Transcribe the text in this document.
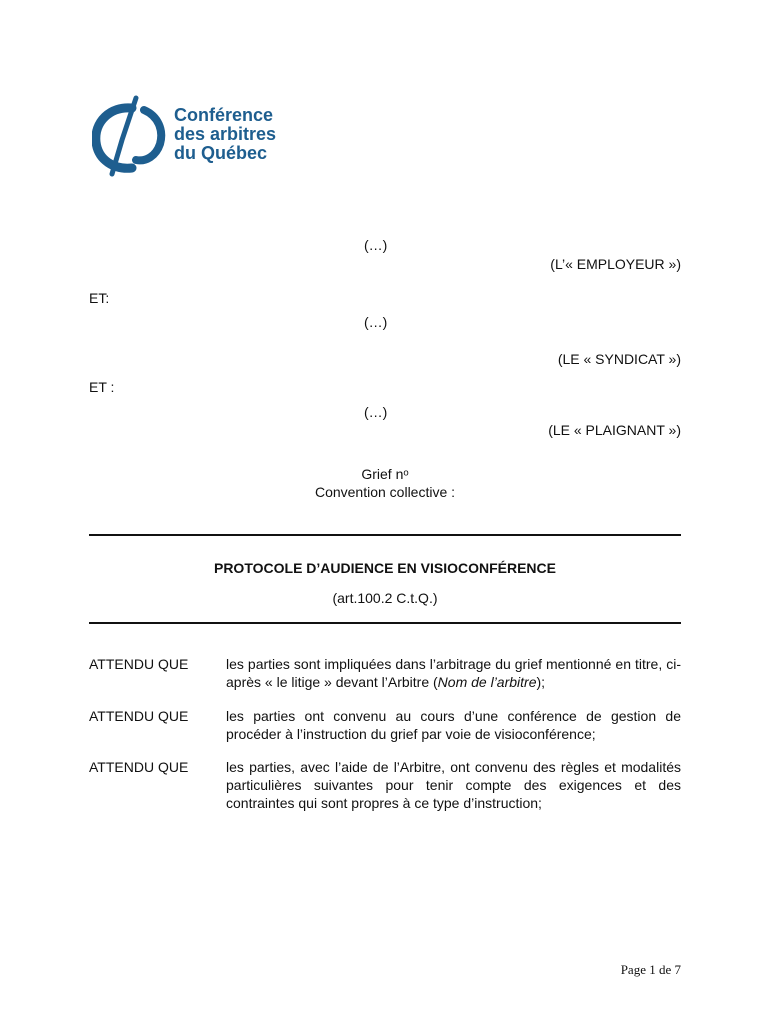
Conférence
des arbitres
du Québec
(…)
(L’« EMPLOYEUR »)
ET:
(…)
(LE « SYNDICAT »)
ET :
(…)
(LE « PLAIGNANT »)
Grief nᵒ
Convention collective :
PROTOCOLE D’AUDIENCE EN VISIOCONFÉRENCE
(art.100.2 C.t.Q.)
ATTENDU QUE	les parties sont impliquées dans l’arbitrage du grief mentionné en titre, ci-après « le litige » devant l’Arbitre (Nom de l’arbitre);
ATTENDU QUE	les parties ont convenu au cours d’une conférence de gestion de procéder à l’instruction du grief par voie de visioconférence;
ATTENDU QUE	les parties, avec l’aide de l’Arbitre, ont convenu des règles et modalités particulières suivantes pour tenir compte des exigences et des contraintes qui sont propres à ce type d’instruction;
Page 1 de 7
